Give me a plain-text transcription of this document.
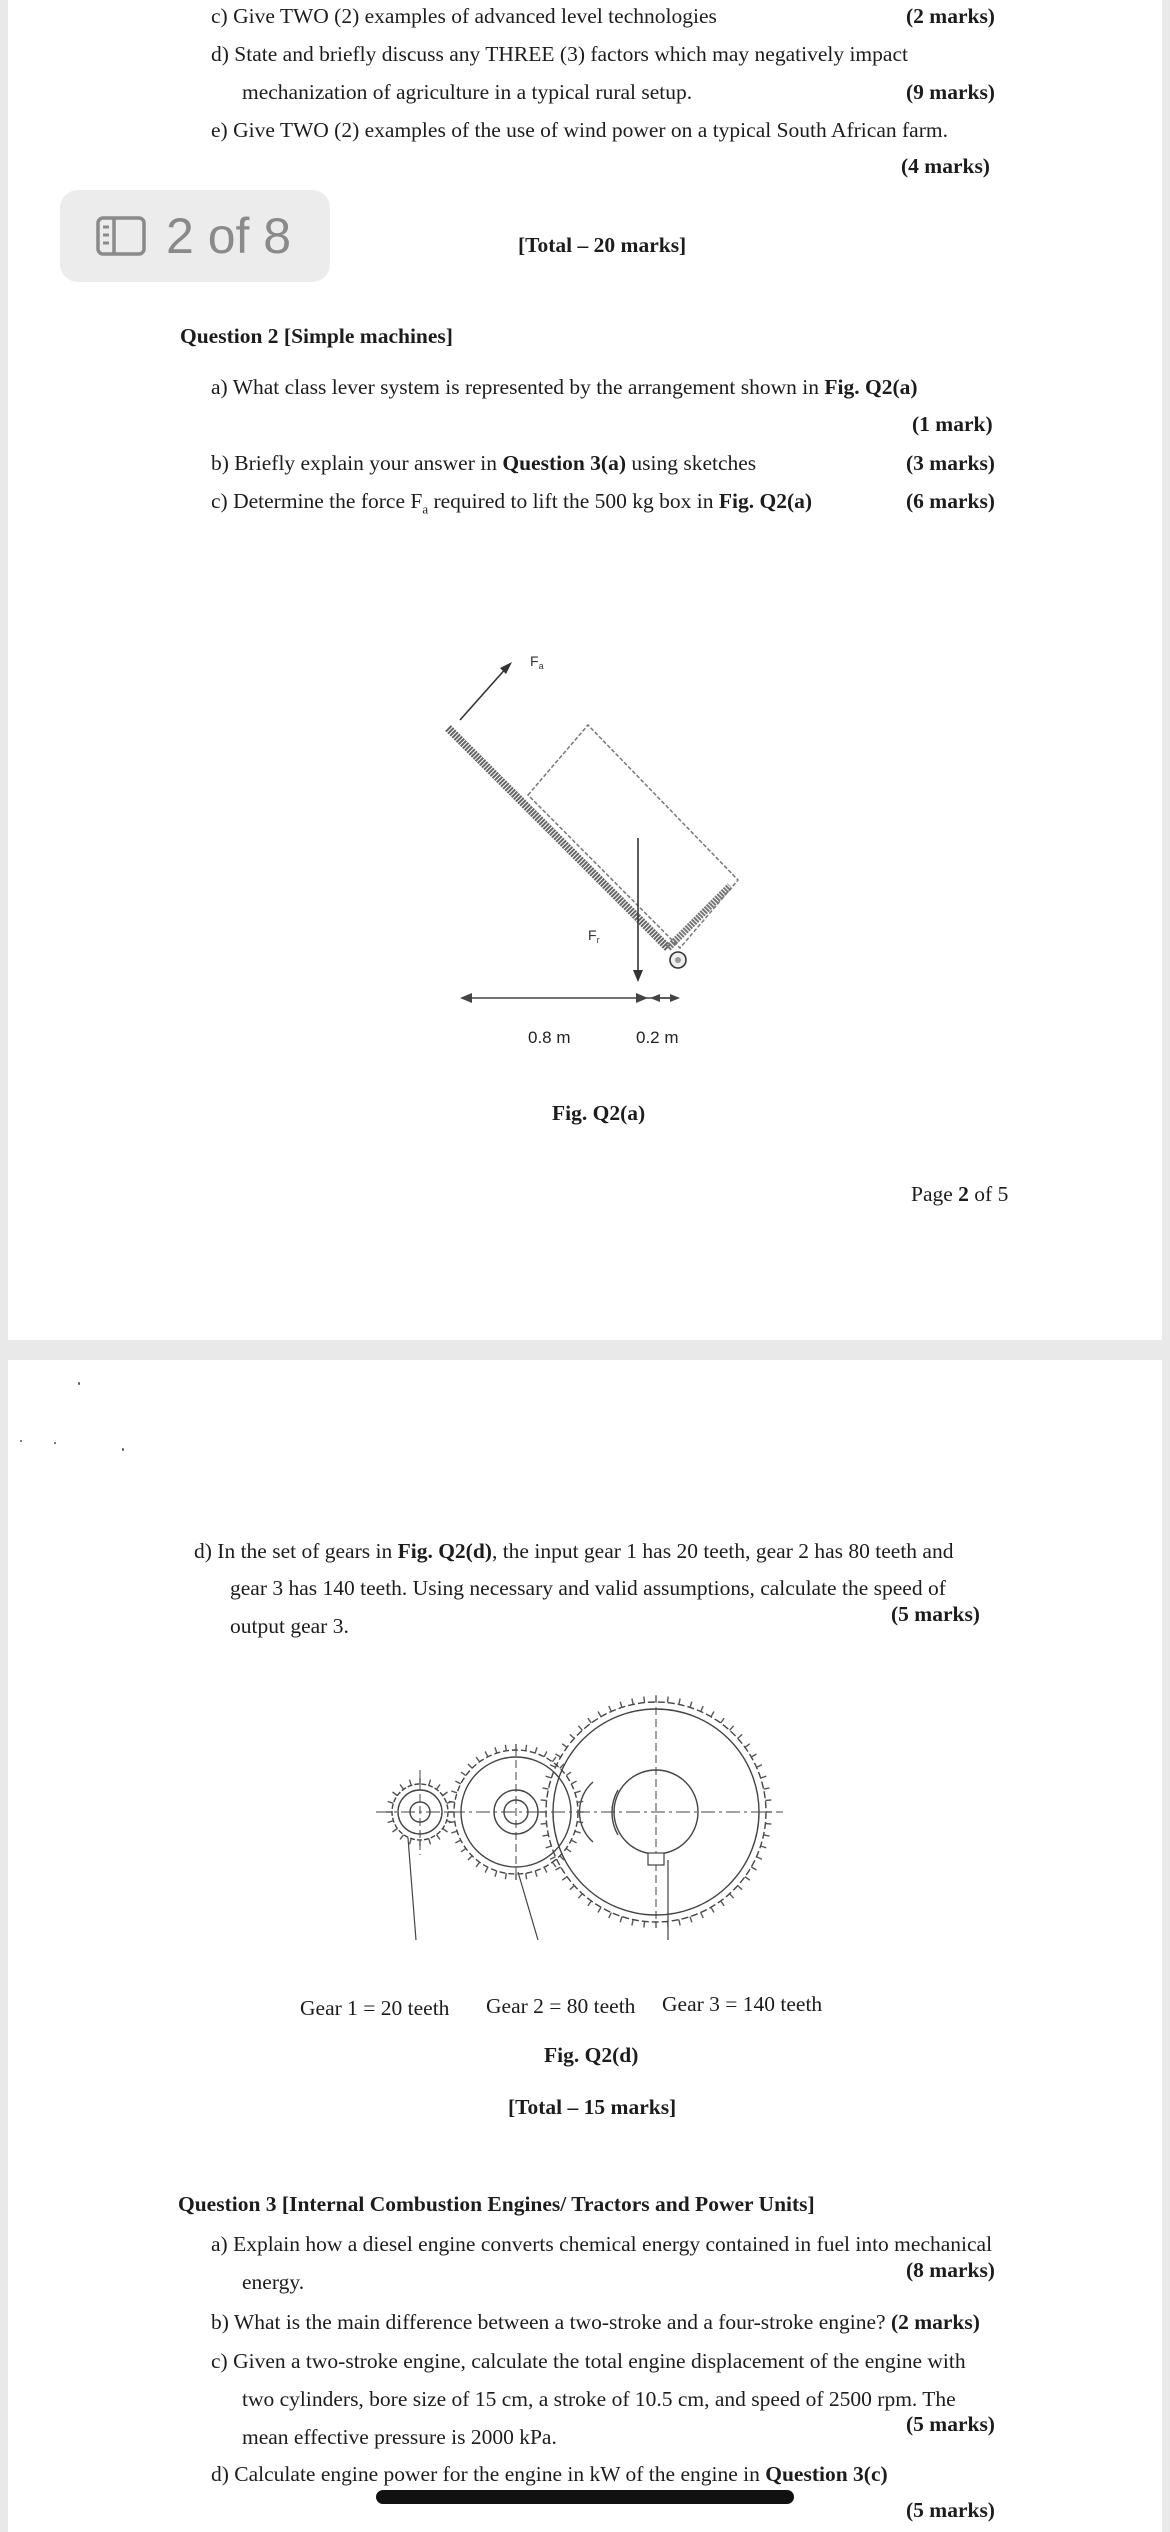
c) Give TWO (2) examples of advanced level technologies	(2 marks)
d) State and briefly discuss any THREE (3) factors which may negatively impact
mechanization of agriculture in a typical rural setup.	(9 marks)
e) Give TWO (2) examples of the use of wind power on a typical South African farm.
(4 marks)
[Total – 20 marks]
Question 2 [Simple machines]
a) What class lever system is represented by the arrangement shown in Fig. Q2(a)
(1 mark)
b) Briefly explain your answer in Question 3(a) using sketches	(3 marks)
c) Determine the force $F_a$ required to lift the 500 kg box in Fig. Q2(a)	(6 marks)
$F_a$
$F_r$
0.8 m	0.2 m
Fig. Q2(a)
Page 2 of 5
2 of 8
d) In the set of gears in Fig. Q2(d), the input gear 1 has 20 teeth, gear 2 has 80 teeth and
gear 3 has 140 teeth. Using necessary and valid assumptions, calculate the speed of
output gear 3.	(5 marks)
Gear 1 = 20 teeth Gear 2 = 80 teeth Gear 3 = 140 teeth
Fig. Q2(d)
[Total – 15 marks]
Question 3 [Internal Combustion Engines/ Tractors and Power Units]
a) Explain how a diesel engine converts chemical energy contained in fuel into mechanical
energy.	(8 marks)
b) What is the main difference between a two-stroke and a four-stroke engine? (2 marks)
c) Given a two-stroke engine, calculate the total engine displacement of the engine with
two cylinders, bore size of 15 cm, a stroke of 10.5 cm, and speed of 2500 rpm. The
mean effective pressure is 2000 kPa.
(5 marks)
d) Calculate engine power for the engine in kW of the engine in Question 3(c)
(5 marks)
